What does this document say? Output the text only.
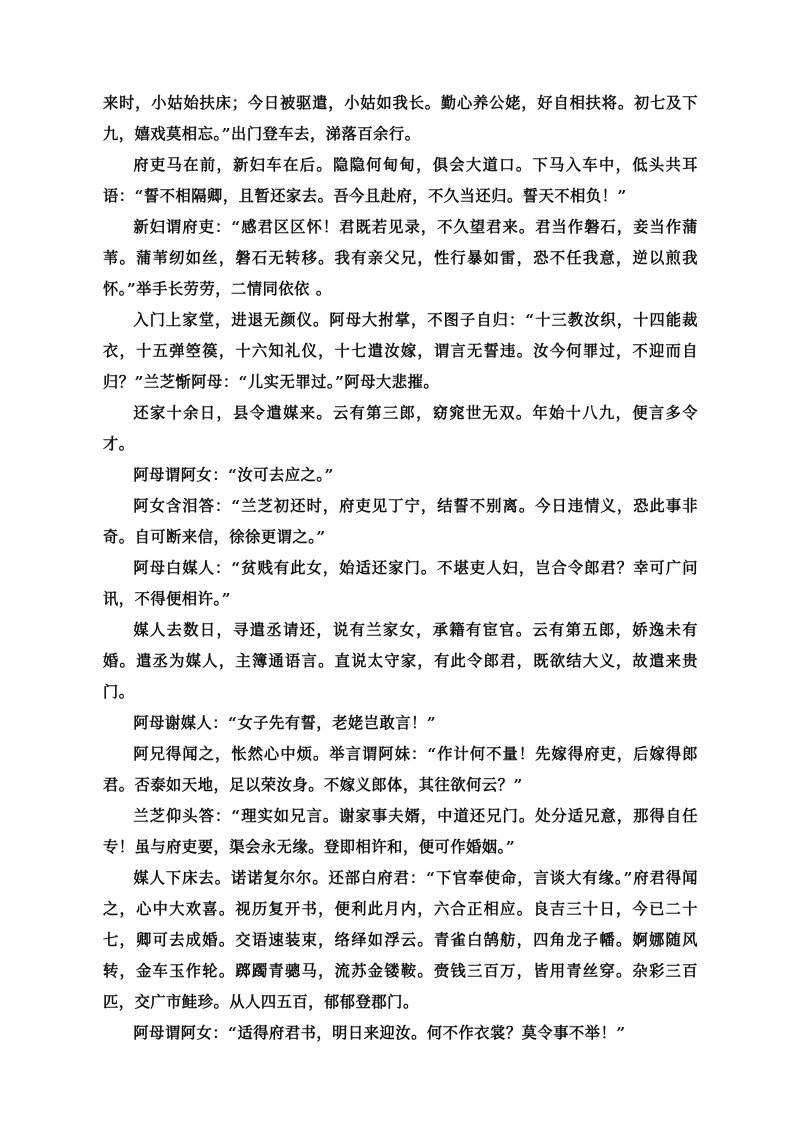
来时，小姑始扶床；今日被驱遣，小姑如我长。勤心养公姥，好自相扶将。初七及下九，嬉戏莫相忘。”出门登车去，涕落百余行。

府吏马在前，新妇车在后。隐隐何甸甸，俱会大道口。下马入车中，低头共耳语：“誓不相隔卿，且暂还家去。吾今且赴府，不久当还归。誓天不相负！”

新妇谓府吏：“感君区区怀！君既若见录，不久望君来。君当作磐石，妾当作蒲苇。蒲苇纫如丝，磐石无转移。我有亲父兄，性行暴如雷，恐不任我意，逆以煎我怀。”举手长劳劳，二情同依依 。

入门上家堂，进退无颜仪。阿母大拊掌，不图子自归：“十三教汝织，十四能裁衣，十五弹箜篌，十六知礼仪，十七遣汝嫁，谓言无誓违。汝今何罪过，不迎而自归？”兰芝惭阿母：“儿实无罪过。”阿母大悲摧。

还家十余日，县令遣媒来。云有第三郎，窈窕世无双。年始十八九，便言多令才。

阿母谓阿女：“汝可去应之。”

阿女含泪答：“兰芝初还时，府吏见丁宁，结誓不别离。今日违情义，恐此事非奇。自可断来信，徐徐更谓之。”

阿母白媒人：“贫贱有此女，始适还家门。不堪吏人妇，岂合令郎君？幸可广问讯，不得便相许。”

媒人去数日，寻遣丞请还，说有兰家女，承籍有宦官。云有第五郎，娇逸未有婚。遣丞为媒人，主簿通语言。直说太守家，有此令郎君，既欲结大义，故遣来贵门。

阿母谢媒人：“女子先有誓，老姥岂敢言！”

阿兄得闻之，怅然心中烦。举言谓阿妹：“作计何不量！先嫁得府吏，后嫁得郎君。否泰如天地，足以荣汝身。不嫁义郎体，其往欲何云？”

兰芝仰头答：“理实如兄言。谢家事夫婿，中道还兄门。处分适兄意，那得自任专！虽与府吏要，渠会永无缘。登即相许和，便可作婚姻。”

媒人下床去。诺诺复尔尔。还部白府君：“下官奉使命，言谈大有缘。”府君得闻之，心中大欢喜。视历复开书，便利此月内，六合正相应。良吉三十日，今已二十七，卿可去成婚。交语速装束，络绎如浮云。青雀白鹄舫，四角龙子幡。婀娜随风转，金车玉作轮。踯躅青骢马，流苏金镂鞍。赍钱三百万，皆用青丝穿。杂彩三百匹，交广市鲑珍。从人四五百，郁郁登郡门。

阿母谓阿女：“适得府君书，明日来迎汝。何不作衣裳？莫令事不举！”
